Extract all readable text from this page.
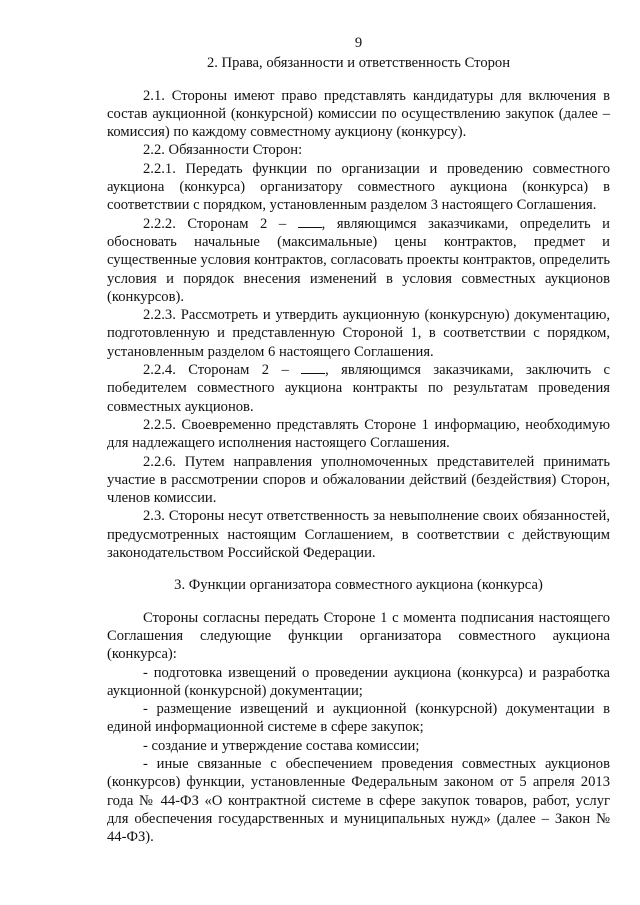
9
2. Права, обязанности и ответственность Сторон

2.1. Стороны имеют право представлять кандидатуры для включения в состав аукционной (конкурсной) комиссии по осуществлению закупок (далее – комиссия) по каждому совместному аукциону (конкурсу).

2.2. Обязанности Сторон:

2.2.1. Передать функции по организации и проведению совместного аукциона (конкурса) организатору совместного аукциона (конкурса) в соответствии с порядком, установленным разделом 3 настоящего Соглашения.

2.2.2. Сторонам 2 – , являющимся заказчиками, определить и обосновать начальные (максимальные) цены контрактов, предмет и существенные условия контрактов, согласовать проекты контрактов, определить условия и порядок внесения изменений в условия совместных аукционов (конкурсов).

2.2.3. Рассмотреть и утвердить аукционную (конкурсную) документацию, подготовленную и представленную Стороной 1, в соответствии с порядком, установленным разделом 6 настоящего Соглашения.

2.2.4. Сторонам 2 – , являющимся заказчиками, заключить с победителем совместного аукциона контракты по результатам проведения совместных аукционов.

2.2.5. Своевременно представлять Стороне 1 информацию, необходимую для надлежащего исполнения настоящего Соглашения.

2.2.6. Путем направления уполномоченных представителей принимать участие в рассмотрении споров и обжаловании действий (бездействия) Сторон, членов комиссии.

2.3. Стороны несут ответственность за невыполнение своих обязанностей, предусмотренных настоящим Соглашением, в соответствии с действующим законодательством Российской Федерации.

3. Функции организатора совместного аукциона (конкурса)

Стороны согласны передать Стороне 1 с момента подписания настоящего Соглашения следующие функции организатора совместного аукциона (конкурса):

- подготовка извещений о проведении аукциона (конкурса) и разработка аукционной (конкурсной) документации;

- размещение извещений и аукционной (конкурсной) документации в единой информационной системе в сфере закупок;

- создание и утверждение состава комиссии;

- иные связанные с обеспечением проведения совместных аукционов (конкурсов) функции, установленные Федеральным законом от 5 апреля 2013 года № 44-ФЗ «О контрактной системе в сфере закупок товаров, работ, услуг для обеспечения государственных и муниципальных нужд» (далее – Закон № 44-ФЗ).
